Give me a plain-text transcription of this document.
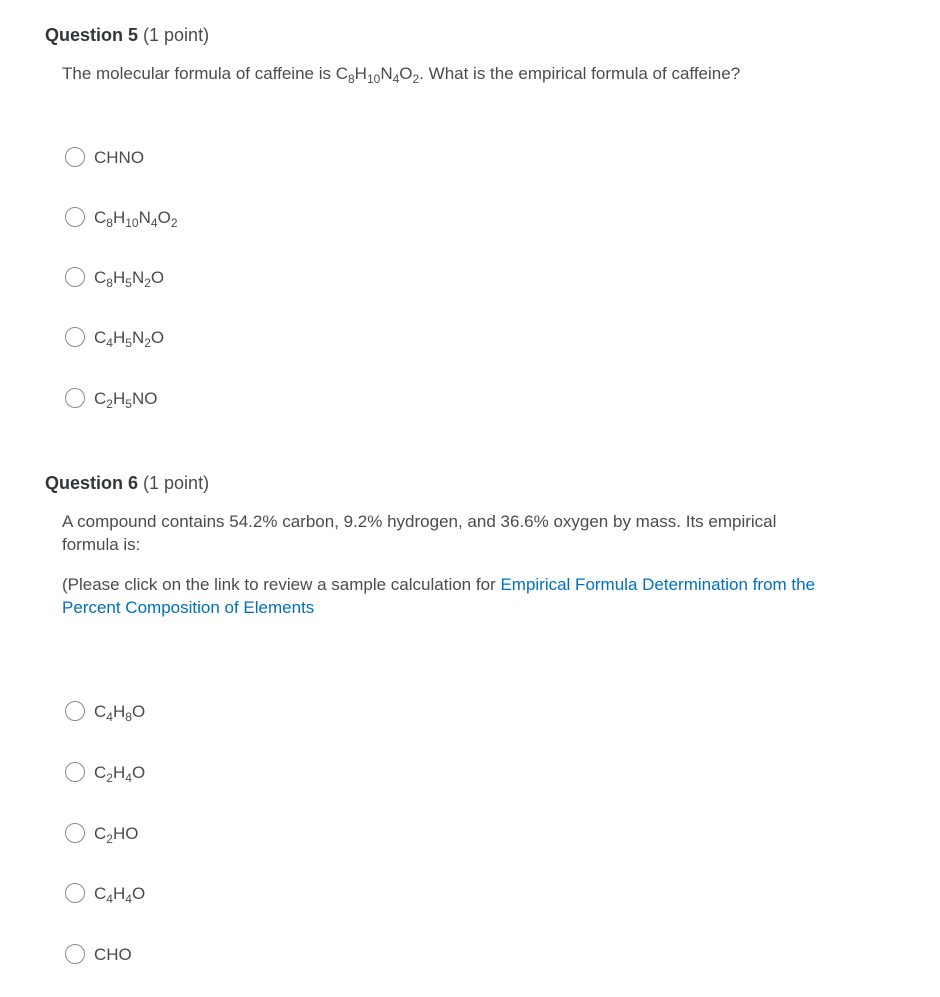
Question 5 (1 point)
The molecular formula of caffeine is $C_8H_{10}N_4O_2$. What is the empirical formula of caffeine?
CHNO
$C_8H_{10}N_4O_2$
$C_8H_5N_2O$
$C_4H_5N_2O$
$C_2H_5NO$
Question 6 (1 point)
A compound contains 54.2% carbon, 9.2% hydrogen, and 36.6% oxygen by mass. Its empirical formula is:
(Please click on the link to review a sample calculation for Empirical Formula Determination from the Percent Composition of Elements
$C_4H_8O$
$C_2H_4O$
$C_2HO$
$C_4H_4O$
CHO
